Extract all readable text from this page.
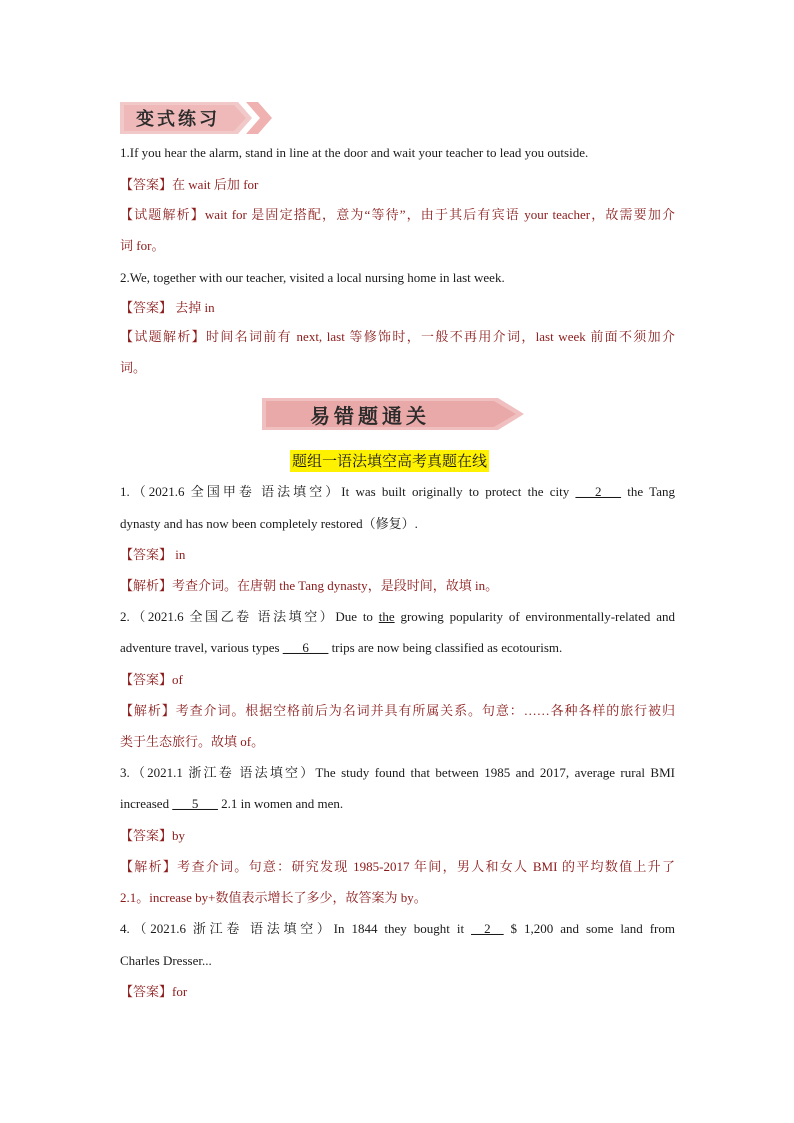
变式练习
1.If you hear the alarm, stand in line at the door and wait your teacher to lead you outside.
【答案】在 wait 后加 for
【试题解析】wait for 是固定搭配，意为“等待”，由于其后有宾语 your teacher，故需要加介
词 for。
2.We, together with our teacher, visited a local nursing home in last week.
【答案】 去掉 in
【试题解析】时间名词前有 next, last 等修饰时，一般不再用介词，last week 前面不须加介
词。
易错题通关
题组一语法填空高考真题在线
1.（2021.6 全国甲卷 语法填空）It was built originally to protect the city ___2___ the Tang
dynasty and has now been completely restored（修复）.
【答案】 in
【解析】考查介词。在唐朝 the Tang dynasty，是段时间，故填 in。
2.（2021.6 全国乙卷 语法填空）Due to the growing popularity of environmentally-related and
adventure travel, various types ___6___ trips are now being classified as ecotourism.
【答案】of
【解析】考查介词。根据空格前后为名词并具有所属关系。句意：……各种各样的旅行被归
类于生态旅行。故填 of。
3.（2021.1 浙江卷 语法填空）The study found that between 1985 and 2017, average rural BMI
increased ___5___ 2.1 in women and men.
【答案】by
【解析】考查介词。句意：研究发现 1985-2017 年间，男人和女人 BMI 的平均数值上升了
2.1。increase by+数值表示增长了多少，故答案为 by。
4.（2021.6 浙江卷 语法填空）In 1844 they bought it __2__ $ 1,200 and some land from
Charles Dresser...
【答案】for
